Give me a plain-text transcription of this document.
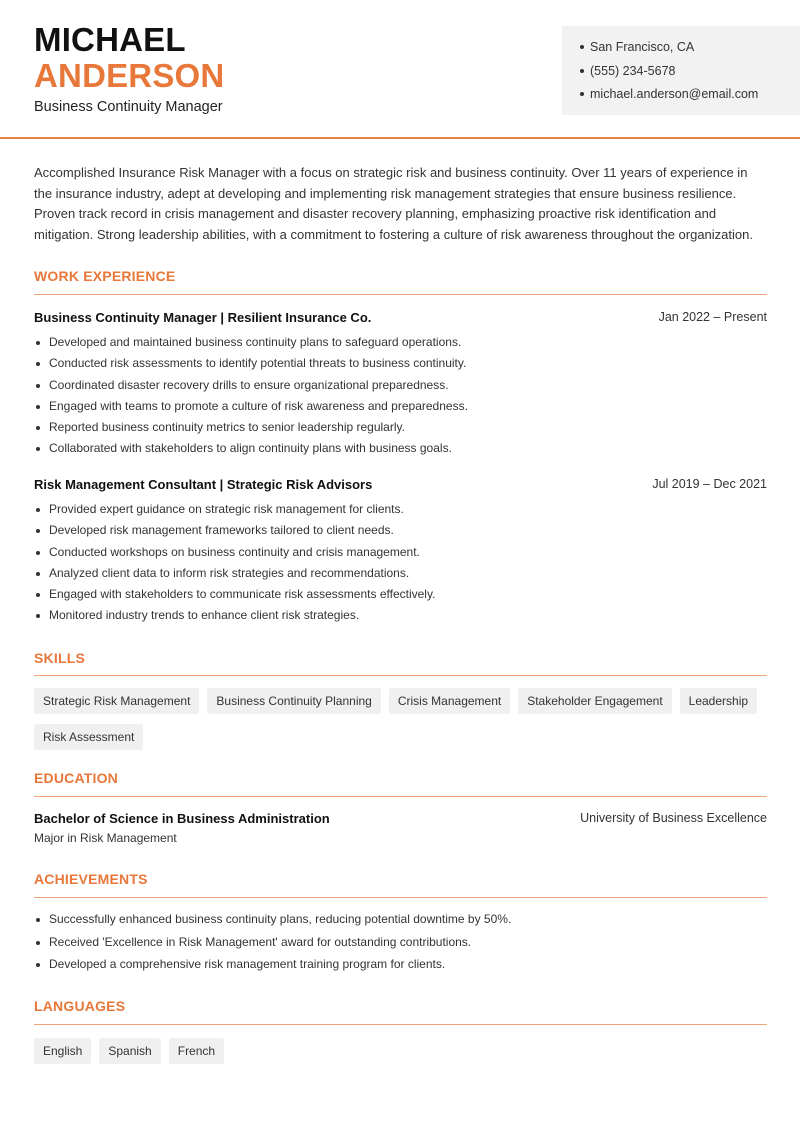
MICHAEL
ANDERSON
Business Continuity Manager
San Francisco, CA
(555) 234-5678
michael.anderson@email.com
Accomplished Insurance Risk Manager with a focus on strategic risk and business continuity. Over 11 years of experience in the insurance industry, adept at developing and implementing risk management strategies that ensure business resilience. Proven track record in crisis management and disaster recovery planning, emphasizing proactive risk identification and mitigation. Strong leadership abilities, with a commitment to fostering a culture of risk awareness throughout the organization.
WORK EXPERIENCE
Business Continuity Manager | Resilient Insurance Co.	Jan 2022 – Present
Developed and maintained business continuity plans to safeguard operations.
Conducted risk assessments to identify potential threats to business continuity.
Coordinated disaster recovery drills to ensure organizational preparedness.
Engaged with teams to promote a culture of risk awareness and preparedness.
Reported business continuity metrics to senior leadership regularly.
Collaborated with stakeholders to align continuity plans with business goals.
Risk Management Consultant | Strategic Risk Advisors	Jul 2019 – Dec 2021
Provided expert guidance on strategic risk management for clients.
Developed risk management frameworks tailored to client needs.
Conducted workshops on business continuity and crisis management.
Analyzed client data to inform risk strategies and recommendations.
Engaged with stakeholders to communicate risk assessments effectively.
Monitored industry trends to enhance client risk strategies.
SKILLS
Strategic Risk Management	Business Continuity Planning	Crisis Management	Stakeholder Engagement	Leadership
Risk Assessment
EDUCATION
Bachelor of Science in Business Administration	University of Business Excellence
Major in Risk Management
ACHIEVEMENTS
Successfully enhanced business continuity plans, reducing potential downtime by 50%.
Received 'Excellence in Risk Management' award for outstanding contributions.
Developed a comprehensive risk management training program for clients.
LANGUAGES
English	Spanish	French
